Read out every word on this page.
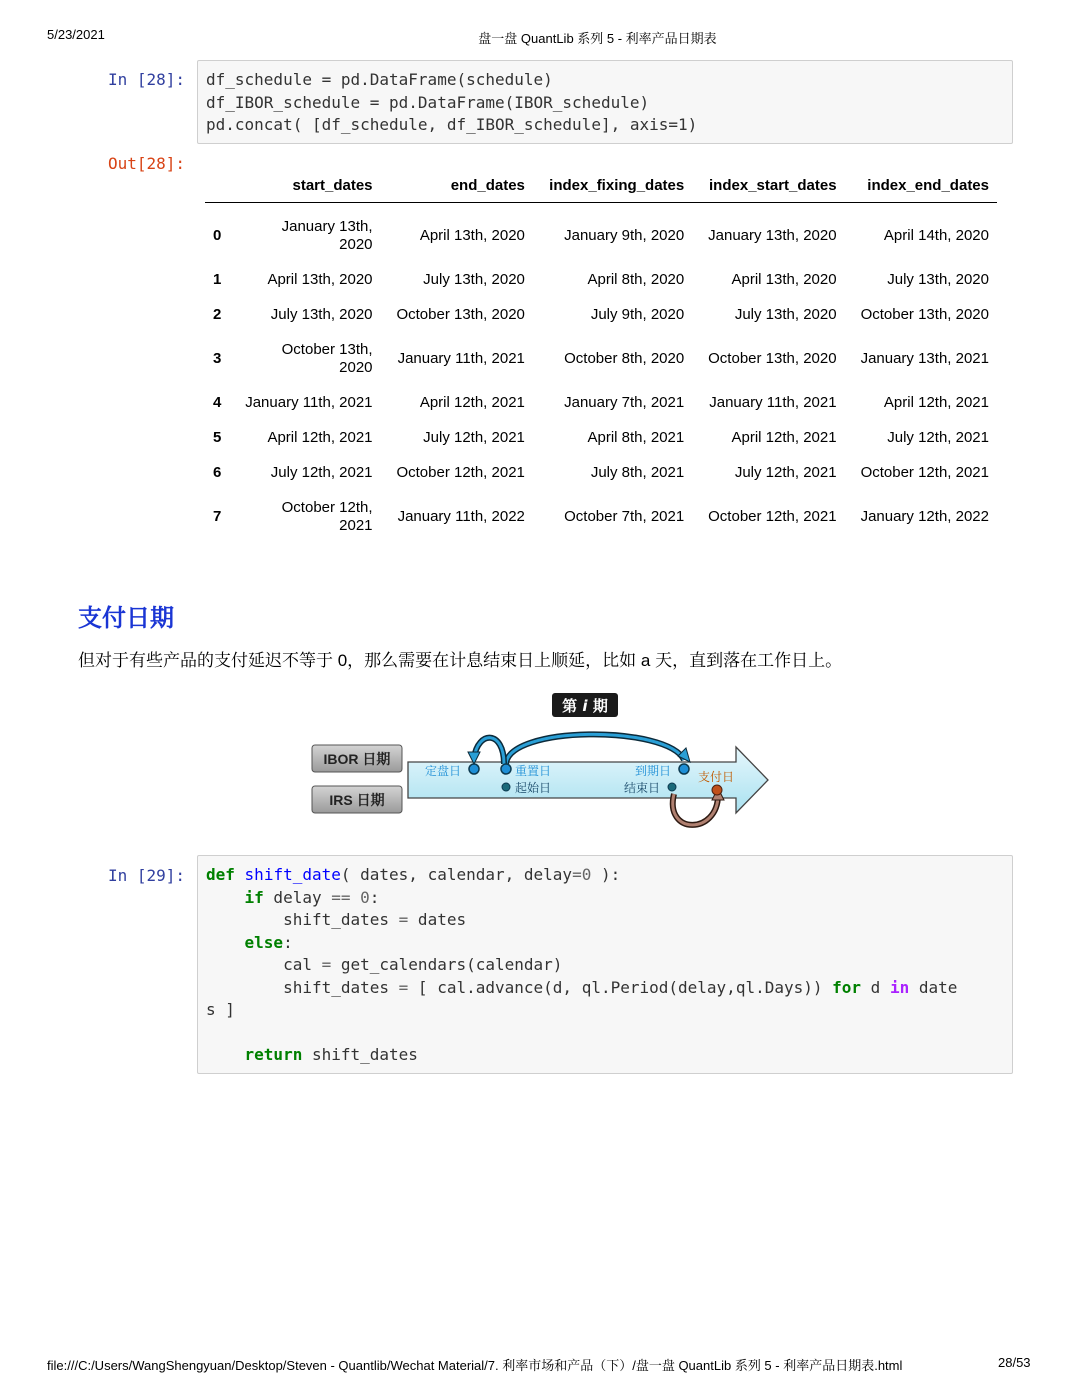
5/23/2021	盘一盘 QuantLib 系列 5 - 利率产品日期表
In [28]:	df_schedule = pd.DataFrame(schedule)
df_IBOR_schedule = pd.DataFrame(IBOR_schedule)
pd.concat( [df_schedule, df_IBOR_schedule], axis=1)
Out[28]:
	start_dates	end_dates	index_fixing_dates	index_start_dates	index_end_dates
0	January 13th, 2020	April 13th, 2020	January 9th, 2020	January 13th, 2020	April 14th, 2020
1	April 13th, 2020	July 13th, 2020	April 8th, 2020	April 13th, 2020	July 13th, 2020
2	July 13th, 2020	October 13th, 2020	July 9th, 2020	July 13th, 2020	October 13th, 2020
3	October 13th, 2020	January 11th, 2021	October 8th, 2020	October 13th, 2020	January 13th, 2021
4	January 11th, 2021	April 12th, 2021	January 7th, 2021	January 11th, 2021	April 12th, 2021
5	April 12th, 2021	July 12th, 2021	April 8th, 2021	April 12th, 2021	July 12th, 2021
6	July 12th, 2021	October 12th, 2021	July 8th, 2021	July 12th, 2021	October 12th, 2021
7	October 12th, 2021	January 11th, 2022	October 7th, 2021	October 12th, 2021	January 12th, 2022
支付日期
但对于有些产品的支付延迟不等于 0，那么需要在计息结束日上顺延，比如 a 天，直到落在工作日上。
第 i 期
IBOR 日期
IRS 日期
定盘日	重置日
起始日
到期日
结束日
支付日
In [29]:	def shift_date( dates, calendar, delay=0 ):
if delay == 0:
shift_dates = dates
else:
cal = get_calendars(calendar)
shift_dates = [ cal.advance(d, ql.Period(delay,ql.Days)) for d in date
s ]

return shift_dates
file:///C:/Users/WangShengyuan/Desktop/Steven - Quantlib/Wechat Material/7. 利率市场和产品（下）/盘一盘 QuantLib 系列 5 - 利率产品日期表.html	28/53
